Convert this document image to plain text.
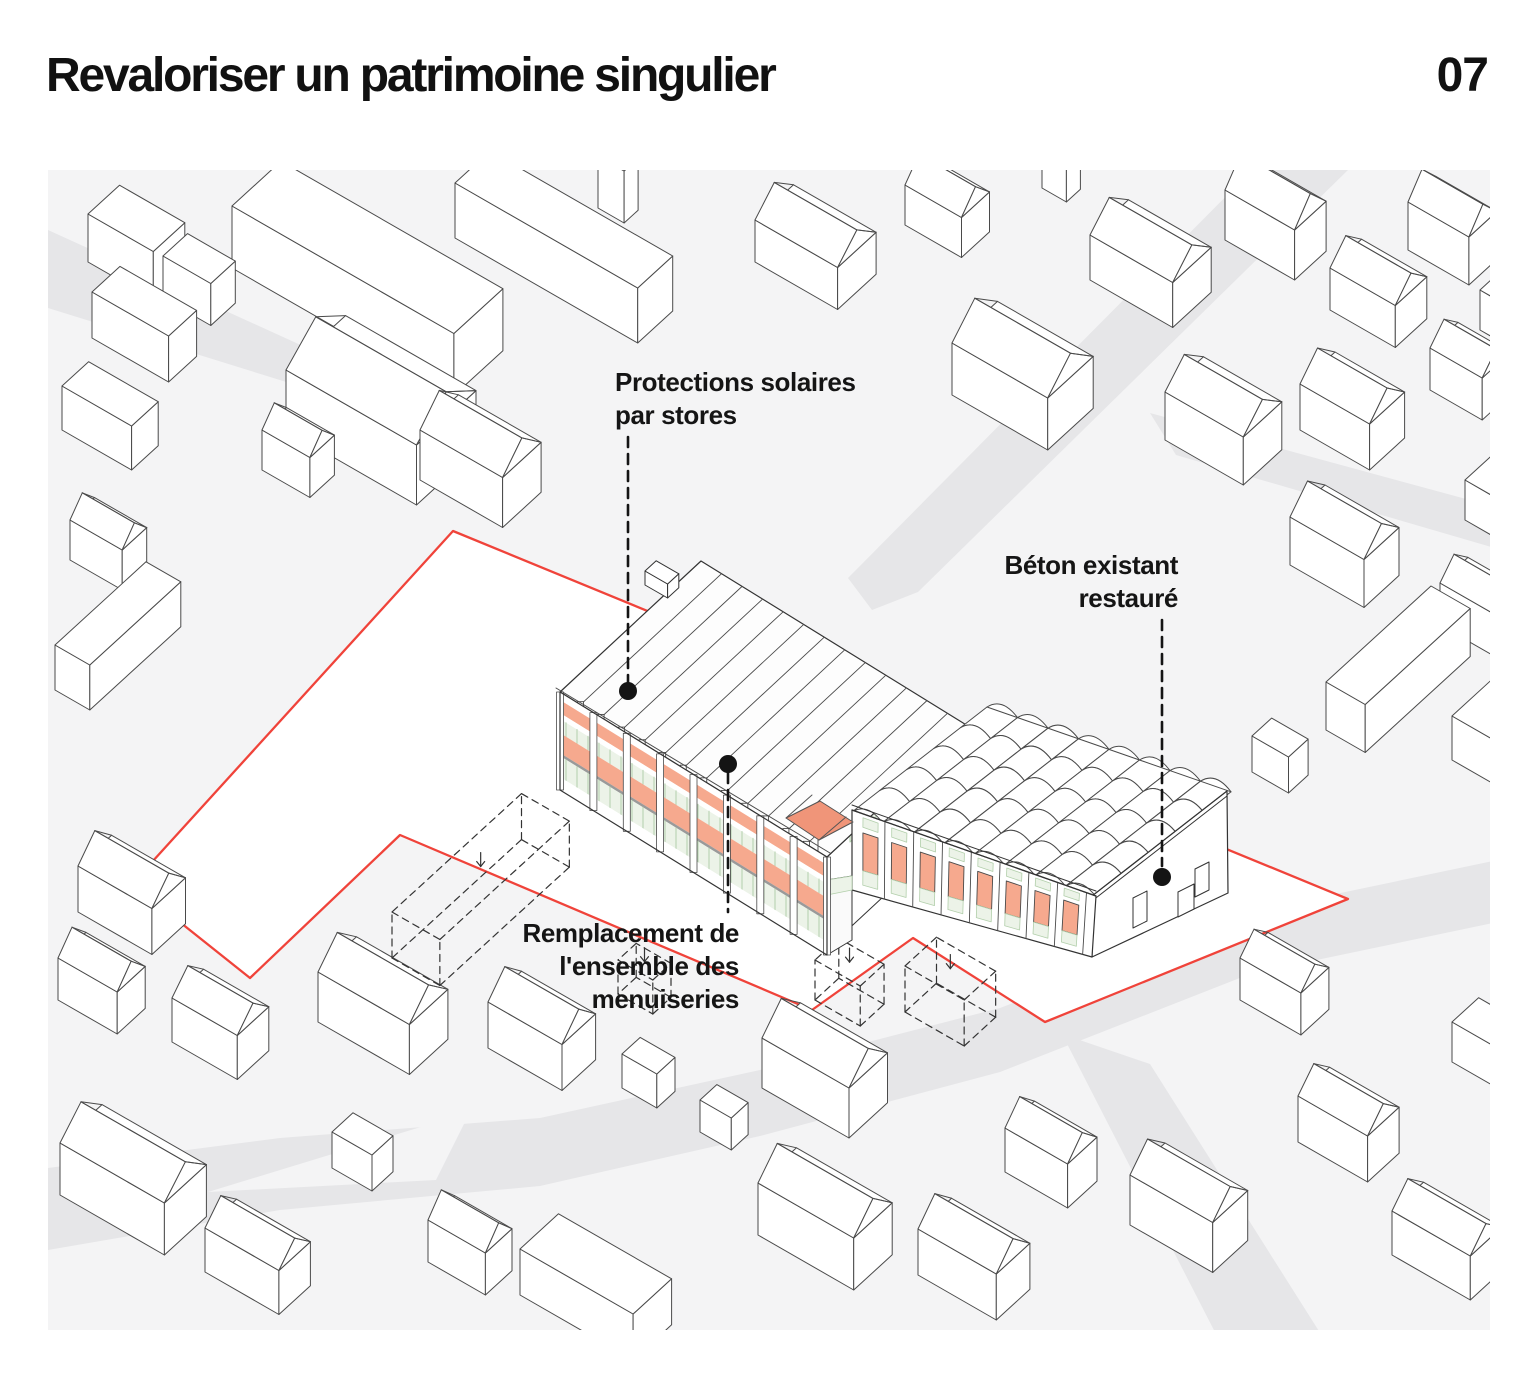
Revaloriser un patrimoine singulier	07
Protections solaires
par stores
Béton existant
restauré
Remplacement de
l'ensemble des
menuiseries
